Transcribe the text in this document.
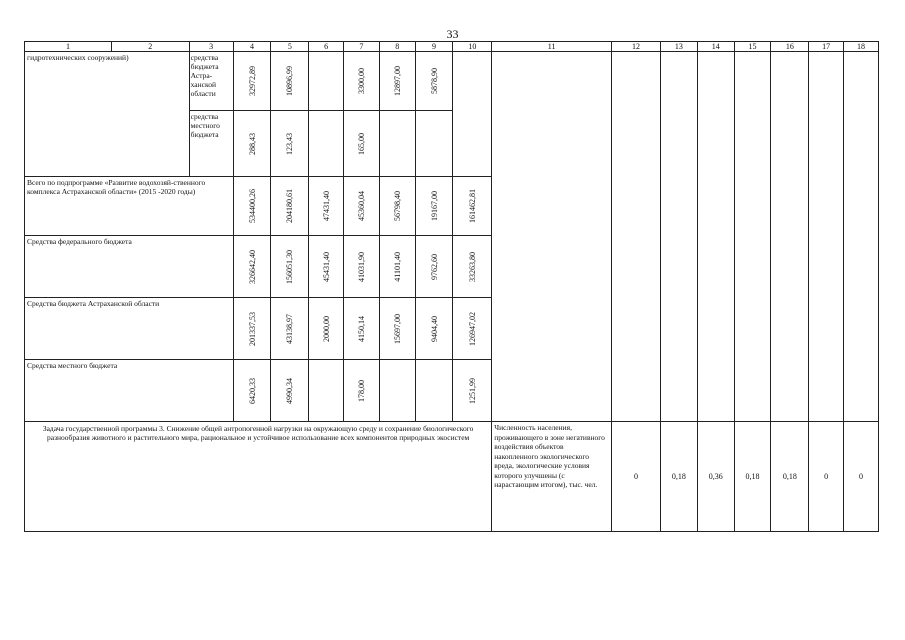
33
1	2	3	4	5	6	7	8	9	10	11	12	13	14	15	16	17	18
гидротехнических сооружений)		средства бюджета Астра-ханской области	32972,89	10896,99		3300,00	12897,00	5878,90									

		средства местного бюджета	288,43	123,43		165,00											

Всего по подпрограмме «Развитие водохозяй-ственного комплекса Астраханской области» (2015 -2020 годы)			534400,26	204180,61	47431,40	45360,04	56798,40	19167,00	161462,81								

Средства федерального бюджета			326642,40	156051,30	45431,40	41031,90	41101,40	9762,60	33263,80								

Средства бюджета Астраханской области			201337,53	43138,97	2000,00	4150,14	15697,00	9404,40	126947,02								

Средства местного бюджета			6420,33	4990,34		178,00			1251,99								

Задача государственной программы 3. Снижение общей антропогенной нагрузки на окружающую среду и сохранение биологического разнообразия животного и растительного мира, рациональное и устойчивое использование всех компонентов природных экосистем										Численность населения, проживающего в зоне негативного воздействия объектов накопленного экологического вреда, экологические условия которого улучшены (с нарастающим итогом), тыс. чел.	0	0,18	0,36	0,18	0,18	0	0
